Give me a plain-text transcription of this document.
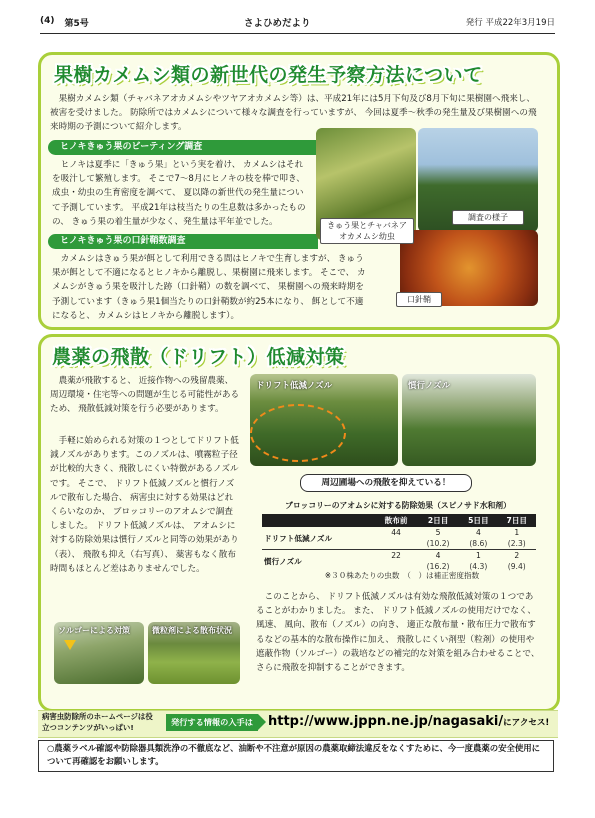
(4) 第5号	さよひめだより	発行 平成22年3月19日
果樹カメムシ類の新世代の発生予察方法について
果樹カメムシ類（チャバネアオカメムシやツヤアオカメムシ等）は、平成21年には5月下旬及び8月下旬に果樹園へ飛来し、被害を受けました。 防除所ではカメムシについて様々な調査を行っていますが、 今回は夏季～秋季の発生量及び果樹園への飛来時期の予測について紹介します。
ヒノキきゅう果のビーティング調査
ヒノキは夏季に「きゅう果」という実を着け、 カメムシはそれを吸汁して繁殖します。 そこで7～8月にヒノキの枝を棒で叩き、 成虫・幼虫の生育密度を調べて、 夏以降の新世代の発生量について予測しています。 平成21年は枝当たりの生息数は多かったものの、 きゅう果の着生量が少なく、発生量は平年並でした。
ヒノキきゅう果の口針鞘数調査
カメムシはきゅう果が餌として利用できる間はヒノキで生育しますが、 きゅう果が餌として不適になるとヒノキから離脱し、果樹園に飛来します。 そこで、 カメムシがきゅう果を吸汁した跡（口針鞘）の数を調べて、 果樹園への飛来時期を予測しています（きゅう果1個当たりの口針鞘数が約25本になり、 餌として不適になると、 カメムシはヒノキから離脱します）。
きゅう果とチャバネアオカメムシ幼虫
調査の様子
口針鞘
農薬の飛散（ドリフト）低減対策
農薬が飛散すると、 近接作物への残留農薬、周辺環境・住宅等への問題が生じる可能性があるため、 飛散低減対策を行う必要があります。
手軽に始められる対策の１つとしてドリフト低減ノズルがあります。このノズルは、噴霧粒子径が比較的大きく、飛散しにくい特徴があるノズルです。 そこで、 ドリフト低減ノズルと慣行ノズルで散布した場合、 病害虫に対する効果はどれくらいなのか、 ブロッコリーのアオムシで調査しました。 ドリフト低減ノズルは、 アオムシに対する防除効果は慣行ノズルと同等の効果があり（表）、 飛散も抑え（右写真）、 薬害もなく散布時間もほとんど差はありませんでした。
ドリフト低減ノズル	慣行ノズル
周辺圃場への飛散を抑えている！
ブロッコリーのアオムシに対する防除効果（スピノサド水和剤）
	散布前	2日目	5日目	7日目
ドリフト低減ノズル	44	5	4	1
		(10.2)	(8.6)	(2.3)
慣行ノズル	22	4	1	2
		(16.2)	(4.3)	(9.4)
※３０株あたりの虫数　（　）は補正密度指数
このことから、 ドリフト低減ノズルは有効な飛散低減対策の１つであることがわかりました。 また、 ドリフト低減ノズルの使用だけでなく、 風速、 風向、散布（ノズル）の向き、 適正な散布量・散布圧力で散布するなどの基本的な散布操作に加え、 飛散しにくい剤型（粒剤）の使用や遮蔽作物（ソルゴー）の栽培などの補完的な対策を組み合わせることで、 さらに飛散を抑制することができます。
ソルゴーによる対策	微粒剤による散布状況
病害虫防除所のホームページは役立つコンテンツがいっぱい!	発行する情報の入手は	http://www.jppn.ne.jp/nagasaki/にアクセス!
○農薬ラベル確認や防除器具類洗浄の不徹底など、油断や不注意が原因の農薬取締法違反をなくすために、今一度農薬の安全使用について再確認をお願いします。
